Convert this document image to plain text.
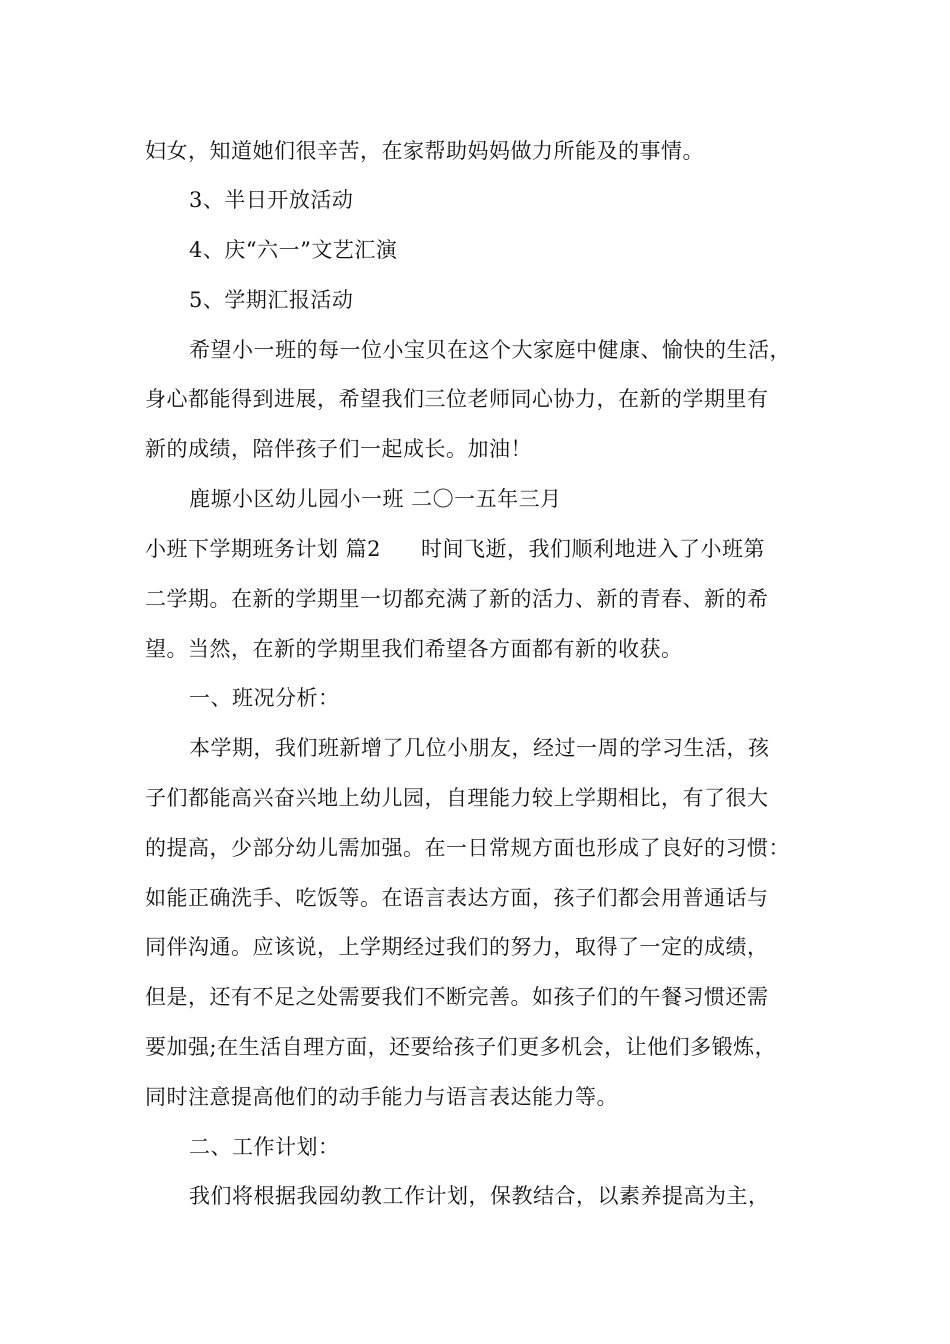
妇女，知道她们很辛苦，在家帮助妈妈做力所能及的事情。
3、半日开放活动
4、庆“六一”文艺汇演
5、学期汇报活动
希望小一班的每一位小宝贝在这个大家庭中健康、愉快的生活，
身心都能得到进展，希望我们三位老师同心协力，在新的学期里有
新的成绩，陪伴孩子们一起成长。加油！
鹿塬小区幼儿园小一班 二〇一五年三月
小班下学期班务计划 篇2 时间飞逝，我们顺利地进入了小班第
二学期。在新的学期里一切都充满了新的活力、新的青春、新的希
望。当然，在新的学期里我们希望各方面都有新的收获。
一、班况分析：
本学期，我们班新增了几位小朋友，经过一周的学习生活，孩
子们都能高兴奋兴地上幼儿园，自理能力较上学期相比，有了很大
的提高，少部分幼儿需加强。在一日常规方面也形成了良好的习惯：
如能正确洗手、吃饭等。在语言表达方面，孩子们都会用普通话与
同伴沟通。应该说，上学期经过我们的努力，取得了一定的成绩，
但是，还有不足之处需要我们不断完善。如孩子们的午餐习惯还需
要加强;在生活自理方面，还要给孩子们更多机会，让他们多锻炼，
同时注意提高他们的动手能力与语言表达能力等。
二、工作计划：
我们将根据我园幼教工作计划，保教结合，以素养提高为主，
